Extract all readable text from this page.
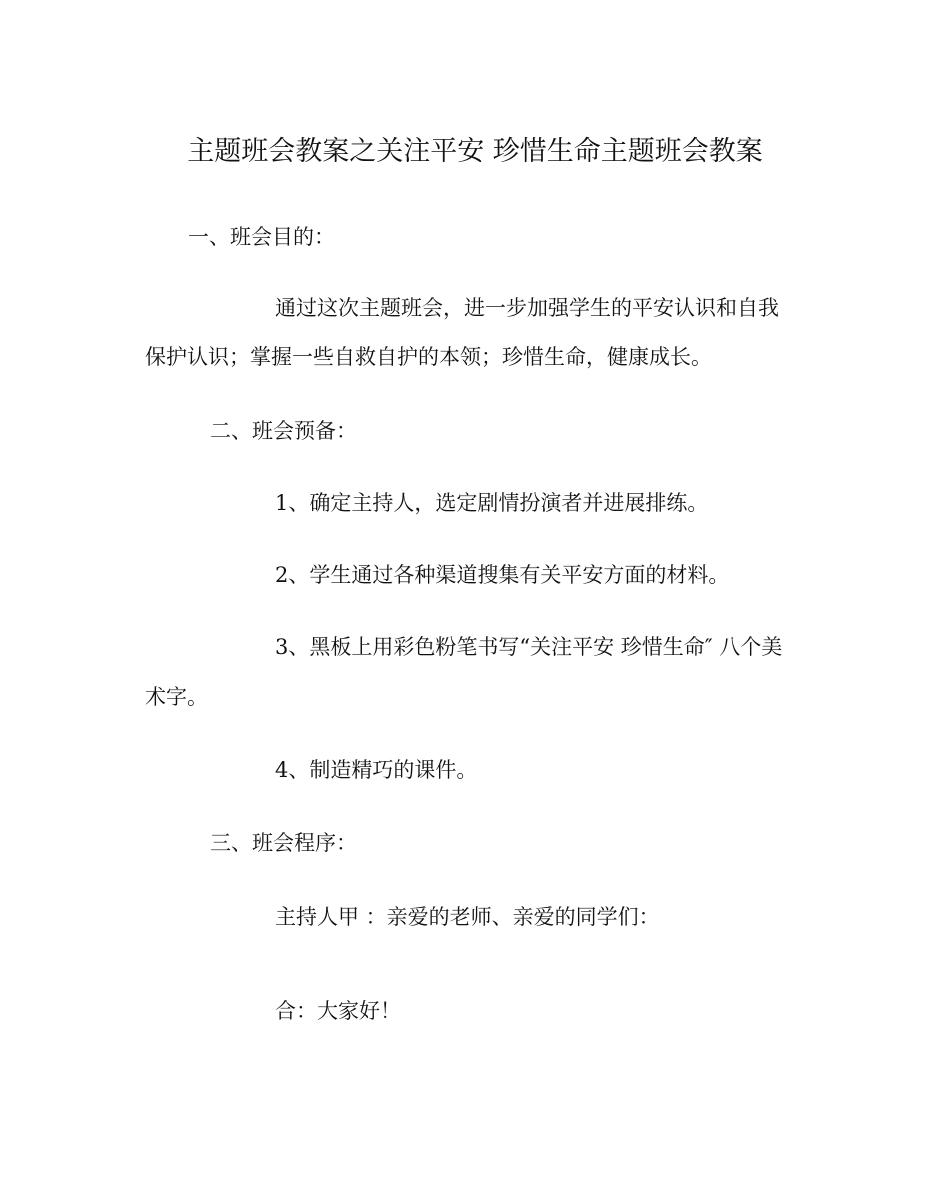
主题班会教案之关注平安 珍惜生命主题班会教案
一、班会目的：
通过这次主题班会，进一步加强学生的平安认识和自我
保护认识；掌握一些自救自护的本领；珍惜生命，健康成长。
二、班会预备：
1、确定主持人，选定剧情扮演者并进展排练。
2、学生通过各种渠道搜集有关平安方面的材料。
3、黑板上用彩色粉笔书写“关注平安 珍惜生命″ 八个美
术字。
4、制造精巧的课件。
三、班会程序：
主持人甲 ：亲爱的老师、亲爱的同学们：
合：大家好！
